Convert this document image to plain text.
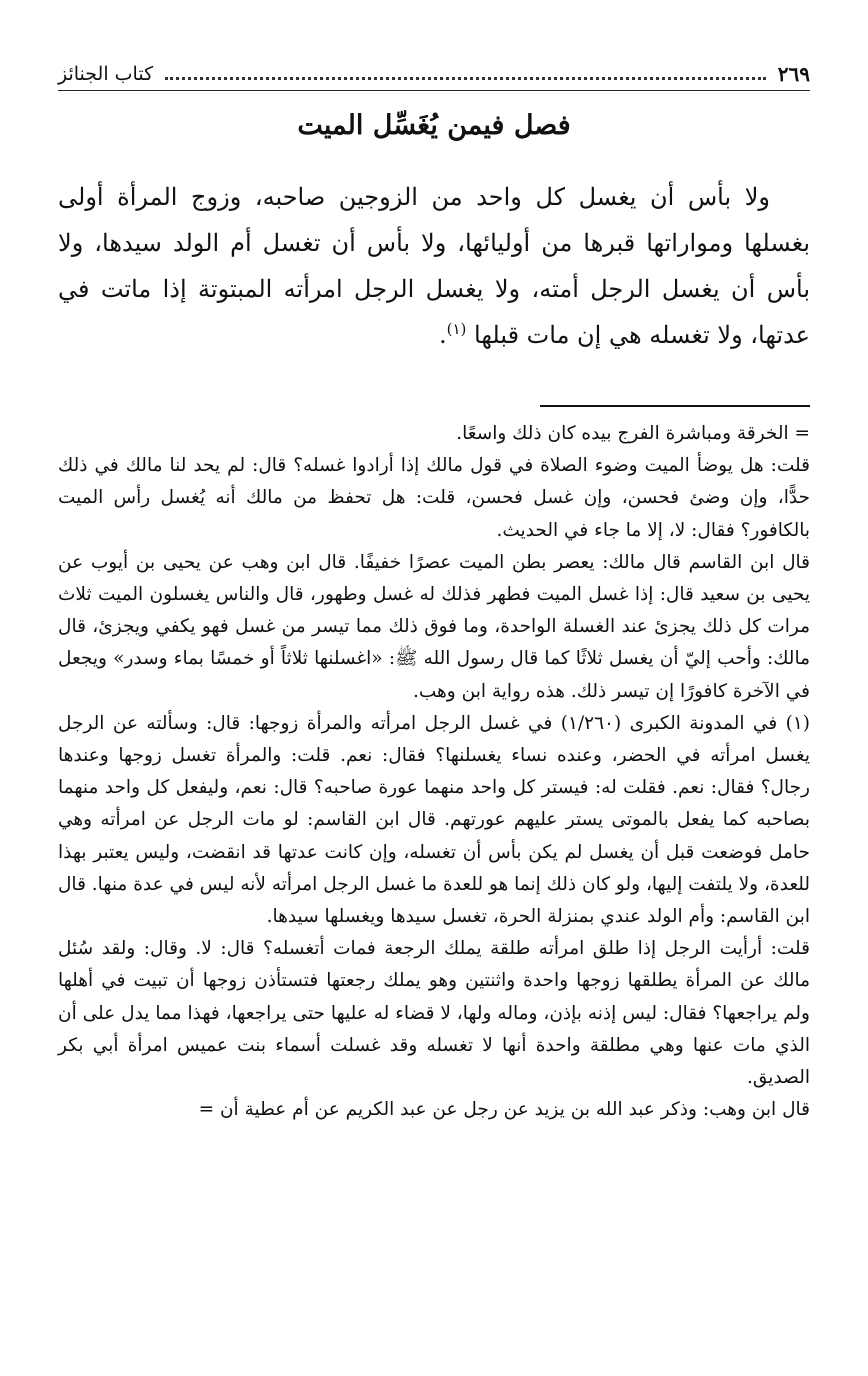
٢٦٩
كتاب الجنائز
فصل فيمن يُغَسِّل الميت
ولا بأس أن يغسل كل واحد من الزوجين صاحبه، وزوج المرأة أولى بغسلها ومواراتها قبرها من أوليائها، ولا بأس أن تغسل أم الولد سيدها، ولا بأس أن يغسل الرجل أمته، ولا يغسل الرجل امرأته المبتوتة إذا ماتت في عدتها، ولا تغسله هي إن مات قبلها $^{(١)}$.

= الخرقة ومباشرة الفرج بيده كان ذلك واسعًا.

قلت: هل يوضأ الميت وضوء الصلاة في قول مالك إذا أرادوا غسله؟ قال: لم يحد لنا مالك في ذلك حدًّا، وإن وضئ فحسن، وإن غسل فحسن، قلت: هل تحفظ من مالك أنه يُغسل رأس الميت بالكافور؟ فقال: لا، إلا ما جاء في الحديث.

قال ابن القاسم قال مالك: يعصر بطن الميت عصرًا خفيفًا. قال ابن وهب عن يحيى بن أيوب عن يحيى بن سعيد قال: إذا غسل الميت فطهر فذلك له غسل وطهور، قال والناس يغسلون الميت ثلاث مرات كل ذلك يجزئ عند الغسلة الواحدة، وما فوق ذلك مما تيسر من غسل فهو يكفي ويجزئ، قال مالك: وأحب إليّ أن يغسل ثلاثًا كما قال رسول الله ﷺ: «اغسلنها ثلاثاً أو خمسًا بماء وسدر» ويجعل في الآخرة كافورًا إن تيسر ذلك. هذه رواية ابن وهب.

(١) في المدونة الكبرى (١/٢٦٠) في غسل الرجل امرأته والمرأة زوجها: قال: وسألته عن الرجل يغسل امرأته في الحضر، وعنده نساء يغسلنها؟ فقال: نعم. قلت: والمرأة تغسل زوجها وعندها رجال؟ فقال: نعم. فقلت له: فيستر كل واحد منهما عورة صاحبه؟ قال: نعم، وليفعل كل واحد منهما بصاحبه كما يفعل بالموتى يستر عليهم عورتهم. قال ابن القاسم: لو مات الرجل عن امرأته وهي حامل فوضعت قبل أن يغسل لم يكن بأس أن تغسله، وإن كانت عدتها قد انقضت، وليس يعتبر بهذا للعدة، ولا يلتفت إليها، ولو كان ذلك إنما هو للعدة ما غسل الرجل امرأته لأنه ليس في عدة منها. قال ابن القاسم: وأم الولد عندي بمنزلة الحرة، تغسل سيدها ويغسلها سيدها.

قلت: أرأيت الرجل إذا طلق امرأته طلقة يملك الرجعة فمات أتغسله؟ قال: لا. وقال: ولقد سُئل مالك عن المرأة يطلقها زوجها واحدة واثنتين وهو يملك رجعتها فتستأذن زوجها أن تبيت في أهلها ولم يراجعها؟ فقال: ليس إذنه بإذن، وماله ولها، لا قضاء له عليها حتى يراجعها، فهذا مما يدل على أن الذي مات عنها وهي مطلقة واحدة أنها لا تغسله وقد غسلت أسماء بنت عميس امرأة أبي بكر الصديق.

قال ابن وهب: وذكر عبد الله بن يزيد عن رجل عن عبد الكريم عن أم عطية أن =
